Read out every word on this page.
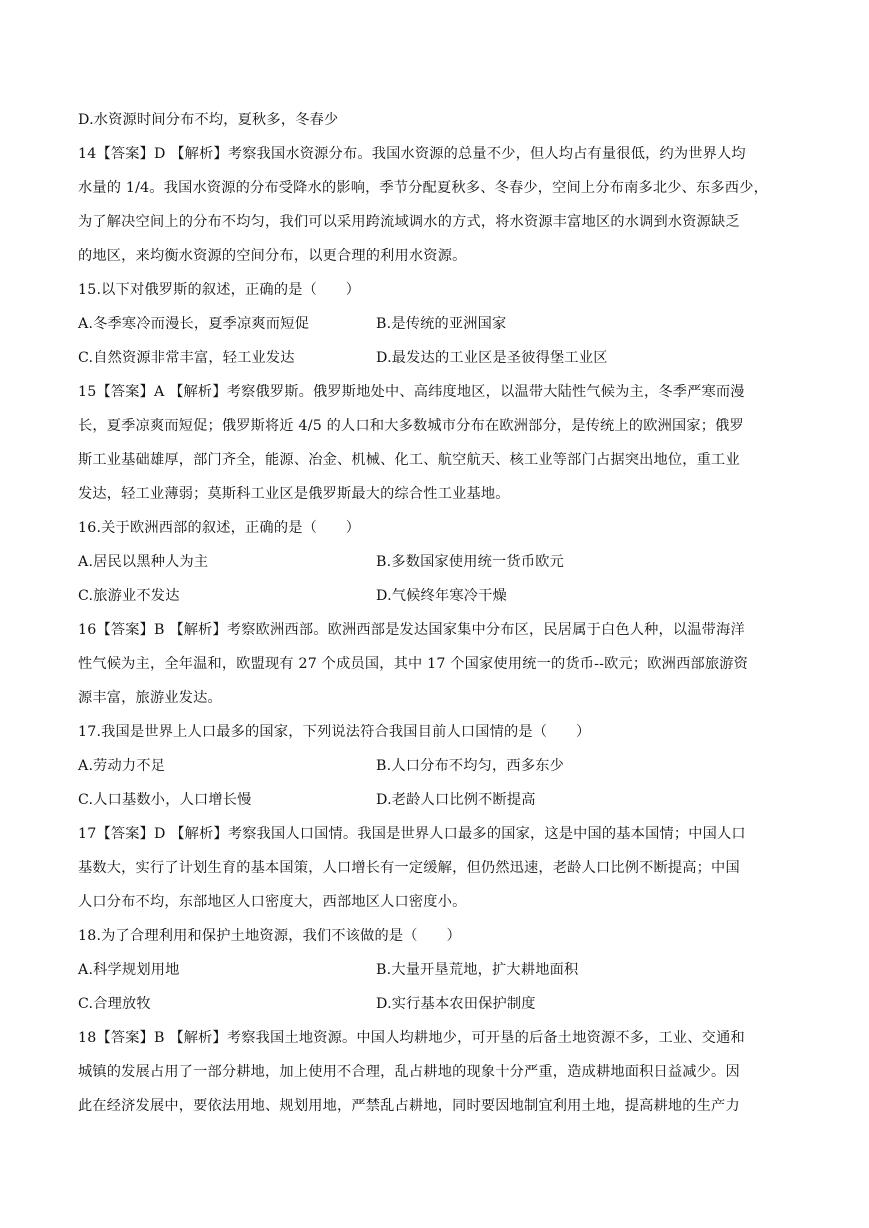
D.水资源时间分布不均，夏秋多，冬春少
14【答案】D 【解析】考察我国水资源分布。我国水资源的总量不少，但人均占有量很低，约为世界人均
水量的 1/4。我国水资源的分布受降水的影响，季节分配夏秋多、冬春少，空间上分布南多北少、东多西少，
为了解决空间上的分布不均匀，我们可以采用跨流域调水的方式，将水资源丰富地区的水调到水资源缺乏
的地区，来均衡水资源的空间分布，以更合理的利用水资源。
15.以下对俄罗斯的叙述，正确的是（　　）
A.冬季寒冷而漫长，夏季凉爽而短促	B.是传统的亚洲国家
C.自然资源非常丰富，轻工业发达	D.最发达的工业区是圣彼得堡工业区
15【答案】A 【解析】考察俄罗斯。俄罗斯地处中、高纬度地区，以温带大陆性气候为主，冬季严寒而漫
长，夏季凉爽而短促；俄罗斯将近 4/5 的人口和大多数城市分布在欧洲部分，是传统上的欧洲国家；俄罗
斯工业基础雄厚，部门齐全，能源、冶金、机械、化工、航空航天、核工业等部门占据突出地位，重工业
发达，轻工业薄弱；莫斯科工业区是俄罗斯最大的综合性工业基地。
16.关于欧洲西部的叙述，正确的是（　　）
A.居民以黑种人为主	B.多数国家使用统一货币欧元
C.旅游业不发达	D.气候终年寒冷干燥
16【答案】B 【解析】考察欧洲西部。欧洲西部是发达国家集中分布区，民居属于白色人种，以温带海洋
性气候为主，全年温和，欧盟现有 27 个成员国，其中 17 个国家使用统一的货币--欧元；欧洲西部旅游资
源丰富，旅游业发达。
17.我国是世界上人口最多的国家，下列说法符合我国目前人口国情的是（　　）
A.劳动力不足	B.人口分布不均匀，西多东少
C.人口基数小，人口增长慢	D.老龄人口比例不断提高
17【答案】D 【解析】考察我国人口国情。我国是世界人口最多的国家，这是中国的基本国情；中国人口
基数大，实行了计划生育的基本国策，人口增长有一定缓解，但仍然迅速，老龄人口比例不断提高；中国
人口分布不均，东部地区人口密度大，西部地区人口密度小。
18.为了合理利用和保护土地资源，我们不该做的是（　　）
A.科学规划用地	B.大量开垦荒地，扩大耕地面积
C.合理放牧	D.实行基本农田保护制度
18【答案】B 【解析】考察我国土地资源。中国人均耕地少，可开垦的后备土地资源不多，工业、交通和
城镇的发展占用了一部分耕地，加上使用不合理，乱占耕地的现象十分严重，造成耕地面积日益减少。因
此在经济发展中，要依法用地、规划用地，严禁乱占耕地，同时要因地制宜利用土地，提高耕地的生产力
